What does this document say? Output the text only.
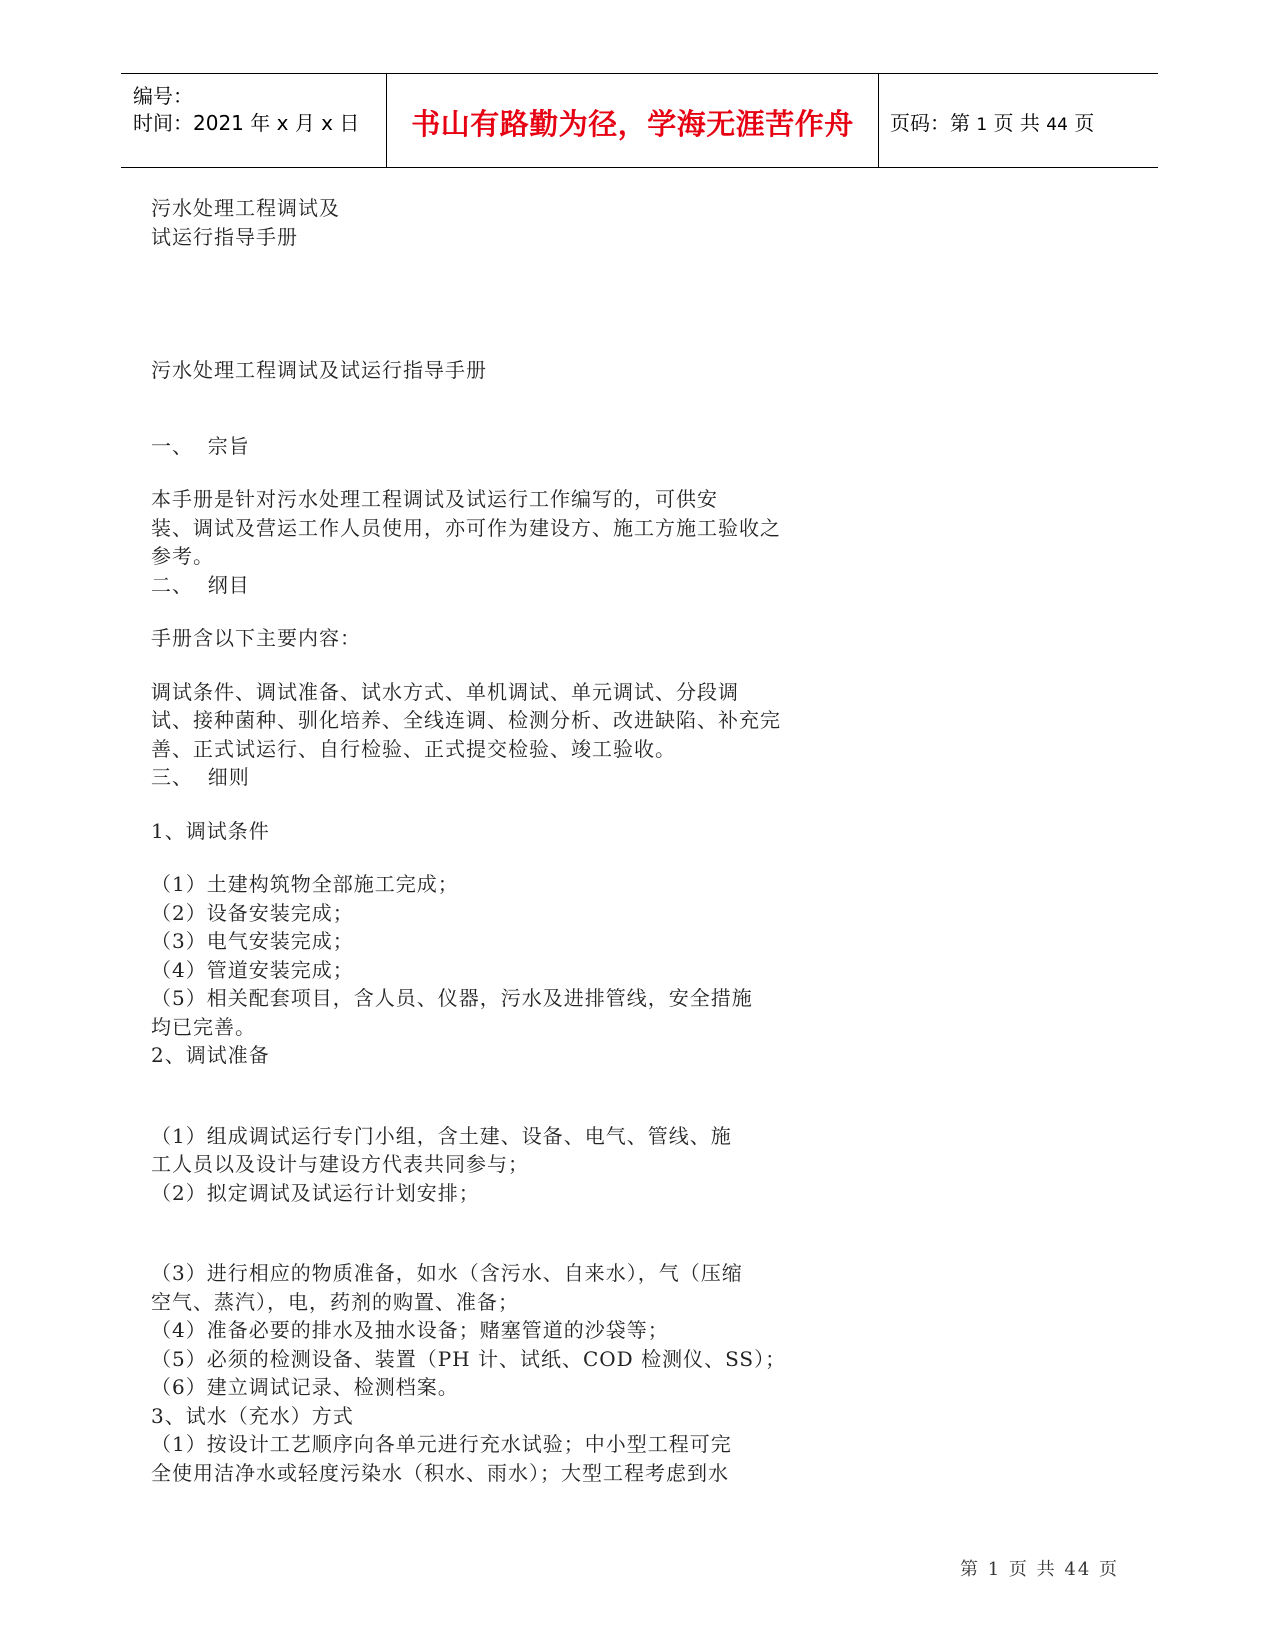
编号：
时间：2021 年 x 月 x 日	书山有路勤为径，学海无涯苦作舟	页码：第 1 页 共 44 页

污水处理工程调试及

试运行指导手册

污水处理工程调试及试运行指导手册

一、  宗旨

本手册是针对污水处理工程调试及试运行工作编写的，可供安

装、调试及营运工作人员使用，亦可作为建设方、施工方施工验收之

参考。

二、  纲目

手册含以下主要内容：

调试条件、调试准备、试水方式、单机调试、单元调试、分段调

试、接种菌种、驯化培养、全线连调、检测分析、改进缺陷、补充完

善、正式试运行、自行检验、正式提交检验、竣工验收。

三、  细则

1、调试条件

（1）土建构筑物全部施工完成；

（2）设备安装完成；

（3）电气安装完成；

（4）管道安装完成；

（5）相关配套项目，含人员、仪器，污水及进排管线，安全措施

均已完善。

2、调试准备

（1）组成调试运行专门小组，含土建、设备、电气、管线、施

工人员以及设计与建设方代表共同参与；

（2）拟定调试及试运行计划安排；

（3）进行相应的物质准备，如水（含污水、自来水），气（压缩

空气、蒸汽），电，药剂的购置、准备；

（4）准备必要的排水及抽水设备；赌塞管道的沙袋等；

（5）必须的检测设备、装置（PH 计、试纸、COD 检测仪、SS）；

（6）建立调试记录、检测档案。

3、试水（充水）方式

（1）按设计工艺顺序向各单元进行充水试验；中小型工程可完

全使用洁净水或轻度污染水（积水、雨水）；大型工程考虑到水

第 1 页 共 44 页
